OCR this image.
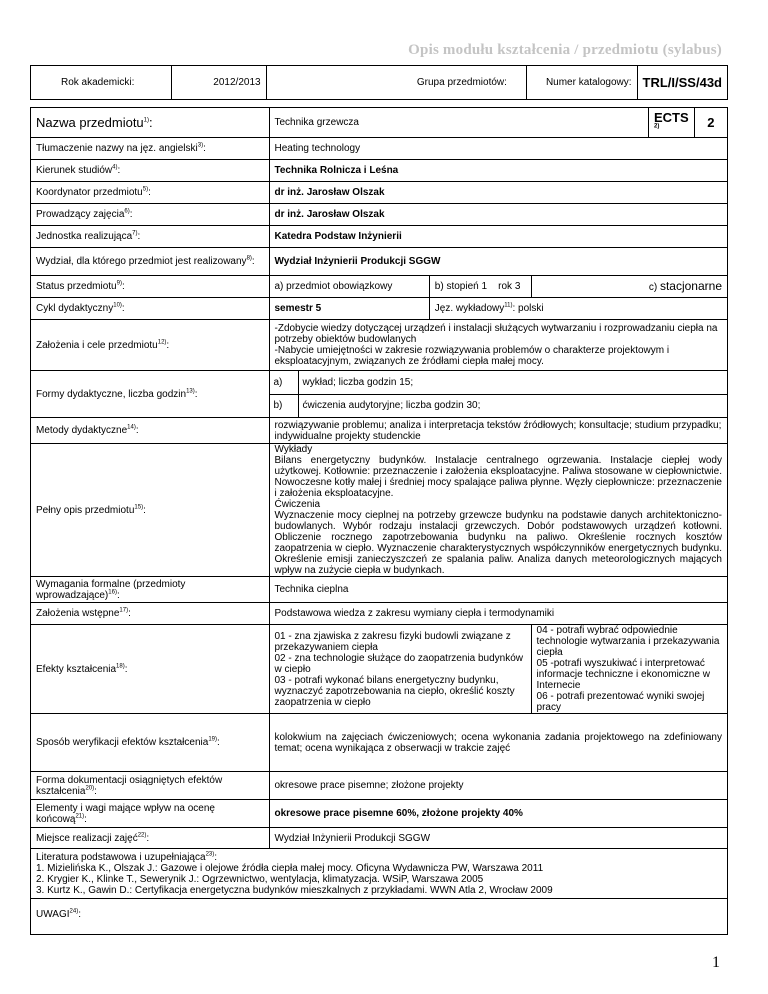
Opis modułu kształcenia / przedmiotu (sylabus)
Rok akademicki:	2012/2013	Grupa przedmiotów:		Numer katalogowy:	TRL/I/SS/43d
Nazwa przedmiotu$^{1)}$:	Technika grzewcza	ECTS $^{2)}$	2
Tłumaczenie nazwy na jęz. angielski$^{3)}$:	Heating technology
Kierunek studiów$^{4)}$:	Technika Rolnicza i Leśna
Koordynator przedmiotu$^{5)}$:	dr inż. Jarosław Olszak
Prowadzący zajęcia$^{6)}$:	dr inż. Jarosław Olszak
Jednostka realizująca$^{7)}$:	Katedra Podstaw Inżynierii
Wydział, dla którego przedmiot jest realizowany$^{8)}$:	Wydział Inżynierii Produkcji SGGW
Status przedmiotu$^{9)}$:	a) przedmiot obowiązkowy	b) stopień 1    rok 3	c) stacjonarne
Cykl dydaktyczny$^{10)}$:	semestr 5	Jęz. wykładowy$^{11)}$: polski
Założenia i cele przedmiotu$^{12)}$:	-Zdobycie wiedzy dotyczącej urządzeń i instalacji służących wytwarzaniu i rozprowadzaniu ciepła na potrzeby obiektów budowlanych
-Nabycie umiejętności w zakresie rozwiązywania problemów o charakterze projektowym i eksploatacyjnym, związanych ze źródłami ciepła małej mocy.
Formy dydaktyczne, liczba godzin$^{13)}$:	
a)	wykład; liczba godzin 15;
b)	ćwiczenia audytoryjne; liczba godzin 30;

Metody dydaktyczne$^{14)}$:	rozwiązywanie problemu; analiza i interpretacja tekstów źródłowych; konsultacje; studium przypadku; indywidualne projekty studenckie
Pełny opis przedmiotu$^{15)}$:	Wykłady
Bilans energetyczny budynków. Instalacje centralnego ogrzewania. Instalacje ciepłej wody użytkowej. Kotłownie: przeznaczenie i założenia eksploatacyjne. Paliwa stosowane w ciepłownictwie. Nowoczesne kotły małej i średniej mocy spalające paliwa płynne. Węzły ciepłownicze: przeznaczenie i założenia eksploatacyjne.
Ćwiczenia
Wyznaczenie mocy cieplnej na potrzeby grzewcze budynku na podstawie danych architektoniczno-budowlanych. Wybór rodzaju instalacji grzewczych. Dobór podstawowych urządzeń kotłowni. Obliczenie rocznego zapotrzebowania budynku na paliwo. Określenie rocznych kosztów zaopatrzenia w ciepło. Wyznaczenie charakterystycznych współczynników energetycznych budynku. Określenie emisji zanieczyszczeń ze spalania paliw. Analiza danych meteorologicznych mających wpływ na zużycie ciepła w budynkach.
Wymagania formalne (przedmioty wprowadzające)$^{16)}$:	Technika cieplna
Założenia wstępne$^{17)}$:	Podstawowa wiedza z zakresu wymiany ciepła i termodynamiki
Efekty kształcenia$^{18)}$:	01 - zna zjawiska z zakresu fizyki budowli związane z przekazywaniem ciepła
02 - zna technologie służące do zaopatrzenia budynków w ciepło
03 - potrafi wykonać bilans energetyczny budynku, wyznaczyć zapotrzebowania na ciepło, określić koszty zaopatrzenia w ciepło	04 - potrafi wybrać odpowiednie technologie wytwarzania i przekazywania ciepła
05 -potrafi wyszukiwać i interpretować informacje techniczne i ekonomiczne w Internecie
06 - potrafi prezentować wyniki swojej pracy
Sposób weryfikacji efektów kształcenia$^{19)}$:	kolokwium na zajęciach ćwiczeniowych; ocena wykonania zadania projektowego na zdefiniowany temat; ocena wynikająca z obserwacji w trakcie zajęć
Forma dokumentacji osiągniętych efektów kształcenia$^{20)}$:	okresowe prace pisemne; złożone projekty
Elementy i wagi mające wpływ na ocenę końcową$^{21)}$:	okresowe prace pisemne 60%, złożone projekty 40%
Miejsce realizacji zajęć$^{22)}$:	Wydział Inżynierii Produkcji SGGW

Literatura podstawowa i uzupełniająca$^{23)}$:
1. Mizielińska K., Olszak J.: Gazowe i olejowe źródła ciepła małej mocy. Oficyna Wydawnicza PW, Warszawa 2011
2. Krygier K., Klinke T., Sewerynik J.: Ogrzewnictwo, wentylacja, klimatyzacja. WSiP, Warszawa 2005
3. Kurtz K., Gawin D.: Certyfikacja energetyczna budynków mieszkalnych z przykładami. WWN Atla 2, Wrocław 2009

UWAGI$^{24)}$:
1
